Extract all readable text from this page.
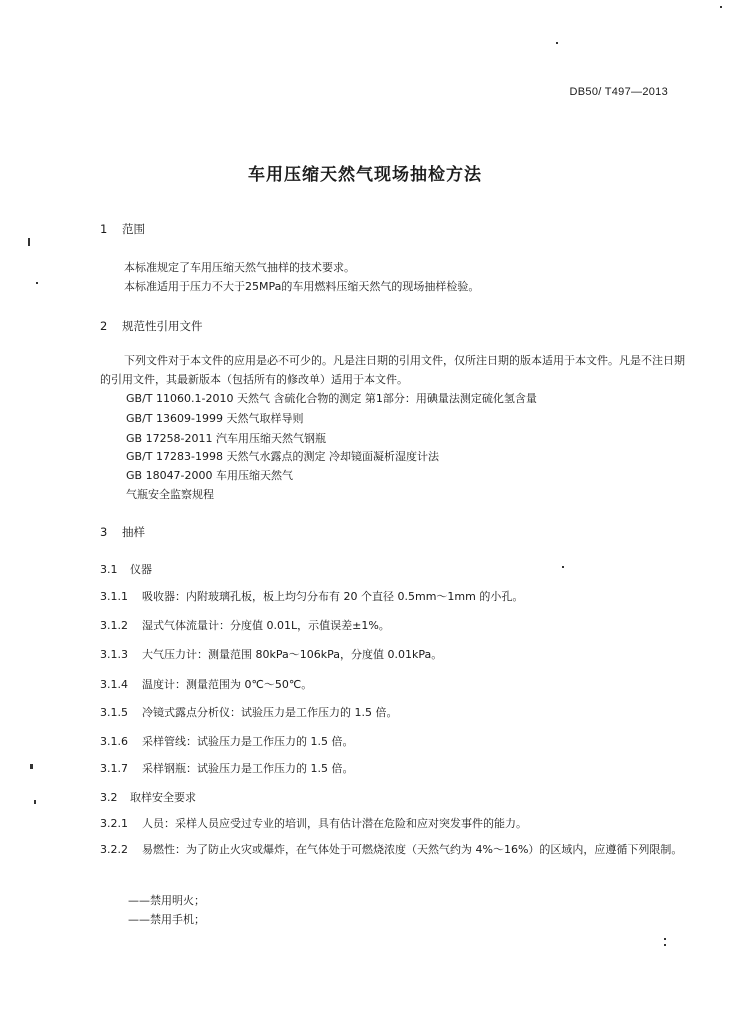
DB50/ T497—2013
车用压缩天然气现场抽检方法
1 范围
本标准规定了车用压缩天然气抽样的技术要求。
本标准适用于压力不大于25MPa的车用燃料压缩天然气的现场抽样检验。
2 规范性引用文件
下列文件对于本文件的应用是必不可少的。凡是注日期的引用文件，仅所注日期的版本适用于本文件。凡是不注日期的引用文件，其最新版本（包括所有的修改单）适用于本文件。
GB/T 11060.1-2010 天然气 含硫化合物的测定 第1部分：用碘量法测定硫化氢含量
GB/T 13609-1999 天然气取样导则
GB 17258-2011 汽车用压缩天然气钢瓶
GB/T 17283-1998 天然气水露点的测定 冷却镜面凝析湿度计法
GB 18047-2000 车用压缩天然气
气瓶安全监察规程
3 抽样
3.1 仪器
3.1.1 吸收器：内附玻璃孔板，板上均匀分布有 20 个直径 0.5mm～1mm 的小孔。
3.1.2 湿式气体流量计：分度值 0.01L，示值误差±1%。
3.1.3 大气压力计：测量范围 80kPa～106kPa，分度值 0.01kPa。
3.1.4 温度计：测量范围为 0℃～50℃。
3.1.5 冷镜式露点分析仪：试验压力是工作压力的 1.5 倍。
3.1.6 采样管线：试验压力是工作压力的 1.5 倍。
3.1.7 采样钢瓶：试验压力是工作压力的 1.5 倍。
3.2 取样安全要求
3.2.1 人员：采样人员应受过专业的培训，具有估计潜在危险和应对突发事件的能力。
3.2.2 易燃性：为了防止火灾或爆炸，在气体处于可燃烧浓度（天然气约为 4%～16%）的区域内，应遵循下列限制。
——禁用明火；
——禁用手机；
